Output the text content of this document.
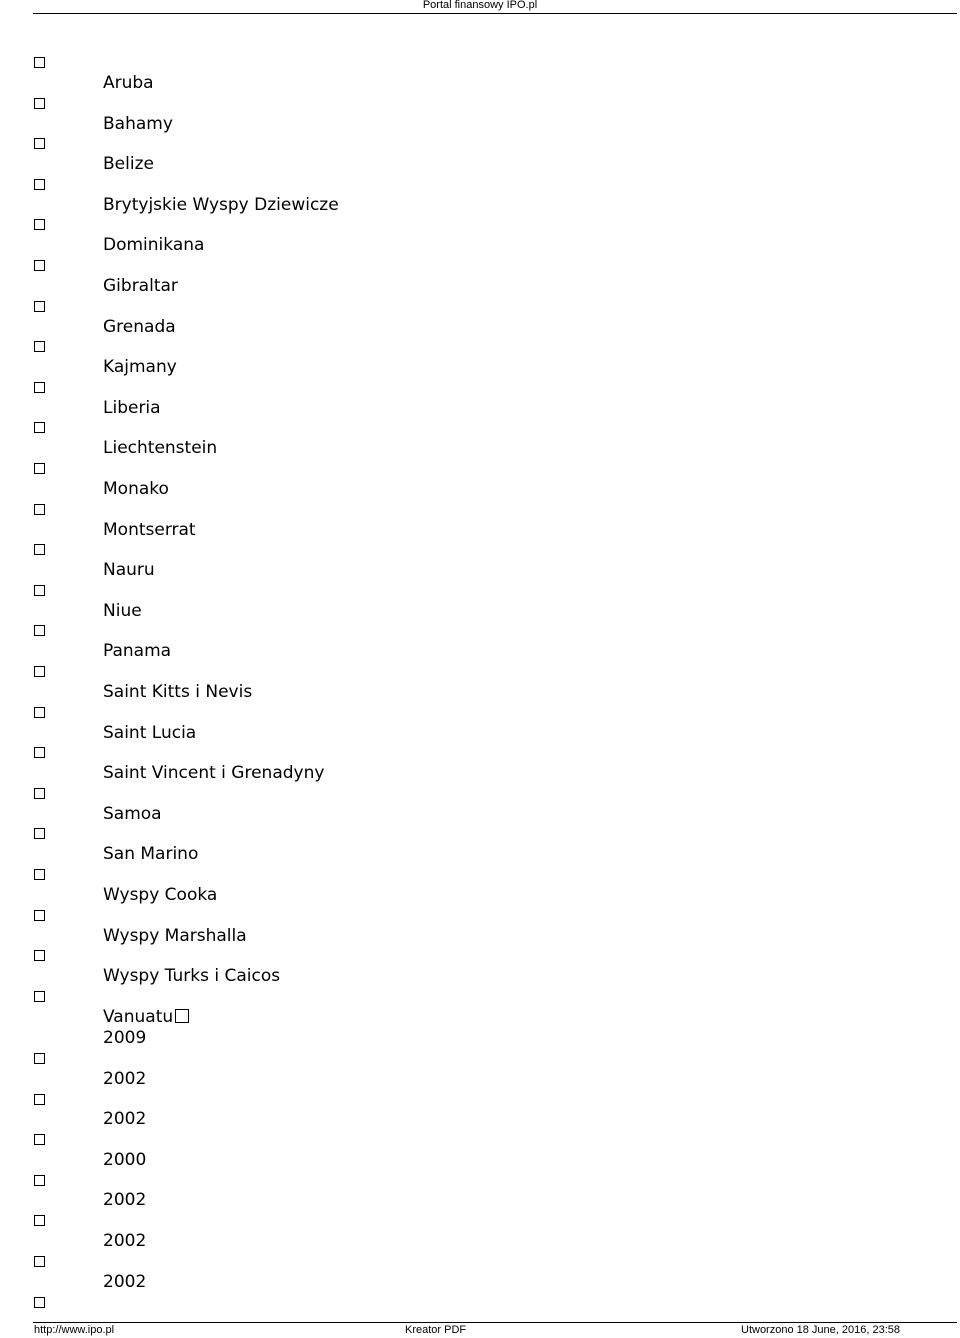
Portal finansowy IPO.pl
Aruba
Bahamy
Belize
Brytyjskie Wyspy Dziewicze
Dominikana
Gibraltar
Grenada
Kajmany
Liberia
Liechtenstein
Monako
Montserrat
Nauru
Niue
Panama
Saint Kitts i Nevis
Saint Lucia
Saint Vincent i Grenadyny
Samoa
San Marino
Wyspy Cooka
Wyspy Marshalla
Wyspy Turks i Caicos
Vanuatu
2009
2002
2002
2000
2002
2002
2002
http://www.ipo.pl	Kreator PDF	Utworzono 18 June, 2016, 23:58
